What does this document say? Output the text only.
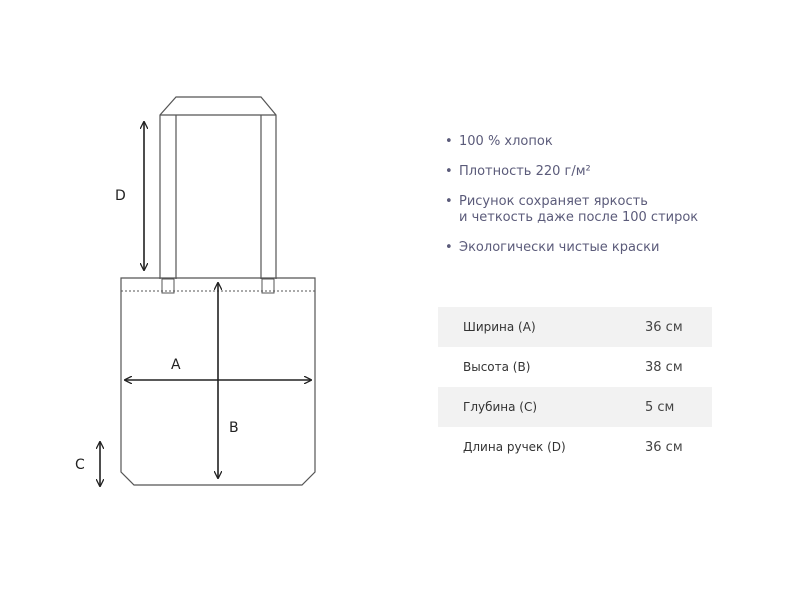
D
A
B
C
• 100 % хлопок
• Плотность 220 г/м²
• Рисунок сохраняет яркость
и четкость даже после 100 стирок
• Экологически чистые краски
Ширина (A)	36 см
Высота (B)	38 см
Глубина (C)	5 см
Длина ручек (D)	36 см
